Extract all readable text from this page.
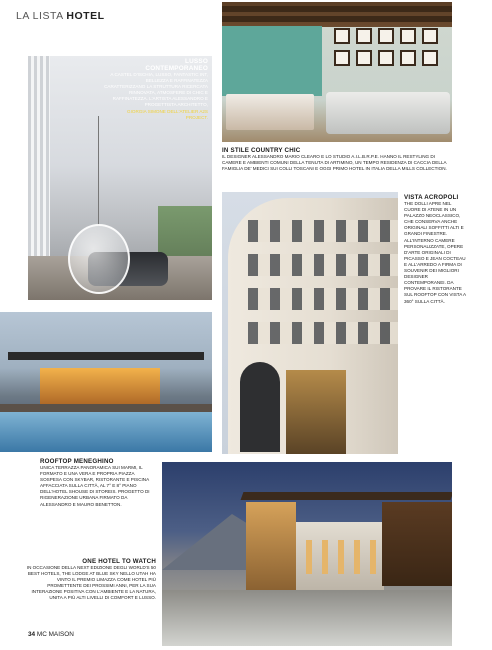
LA LISTA HOTEL
LUSSO
CONTEMPORANEO
A CASTEL D'ISCHIA, LUSSO, FANTASTIC INT, BELLEZZA E RAFFINATEZZA CARATTERIZZANO LA STRUTTURA RICERCATA RINNOVATA, ATMOSFERE DI CHIC E RAFFINATEZZA. L'ARTISTA ALESSANDRO E PROGETTISTA ARCHITETTO,
GIORGIA SIMONE DELL'ATELIER A2S PROJECT.
IN STILE COUNTRY CHIC
IL DESIGNER ALESSANDRO MARIO CLEARO E LO STUDIO A.I.L.B.R.P.E. HANNO IL RESTYLING DI CAMERE E AMBIENTI COMUNI DELLA TENUTA DI ARTIMINO, UN TEMPO RESIDENZA DI CACCIA DELLA FAMIGLIA DE' MEDICI SUI COLLI TOSCANI E OGGI PRIMO HOTEL IN ITALIA DELLA MILLS COLLECTION.
VISTA ACROPOLI
THE DOLLI APRE NEL CUORE DI ATENE IN UN PALAZZO NEOCLASSICO, CHE CONSERVA ANCHE ORIGINALI SOFFITTI ALTI E GRANDI FINESTRE. ALL'INTERNO CAMERE PERSONALIZZATE, OPERE D'ARTE ORIGINALI DI PICASSO E JEAN COCTEAU E ALL'ARREDO A FIRMA DI SOUVENIR DEI MIGLIORI DESIGNER CONTEMPORANEI. DA PROVARE IL RISTORANTE SUL ROOFTOP CON VISTA A 360° SULLA CITTÀ.
ROOFTOP MENEGHINO
UNICA TERRAZZA PANORAMICA SUI MARMI, IL FORMATO E UNA VERA E PROPRIA PIAZZA SOSPESA CON SKYBAR, RISTORANTE E PISCINA AFFACCIATA SULLA CITTÀ, AL 7° E 8° PIANO DELL'HOTEL SHOUSE DI STOREIS. PROGETTO DI RIGENERAZIONE URBANA FIRMATO DA ALESSANDRO E MAURO BENETTON.
ONE HOTEL TO WATCH
IN OCCASIONE DELLA NEXT EDIZIONE DEGLI WORLD'S 50 BEST HOTELS, THE LODGE AT BLUE SKY NELLO UTAH HA VINTO IL PREMIO LIMAZZA COME HOTEL PIÙ PROMETTENTE DEI PROSSIMI ANNI, PER LA SUA INTERAZIONE POSITIVA CON L'AMBIENTE E LA NATURA, UNITA A PIÙ ALTI LIVELLI DI COMFORT E LUSSO.
34 MC MAISON
